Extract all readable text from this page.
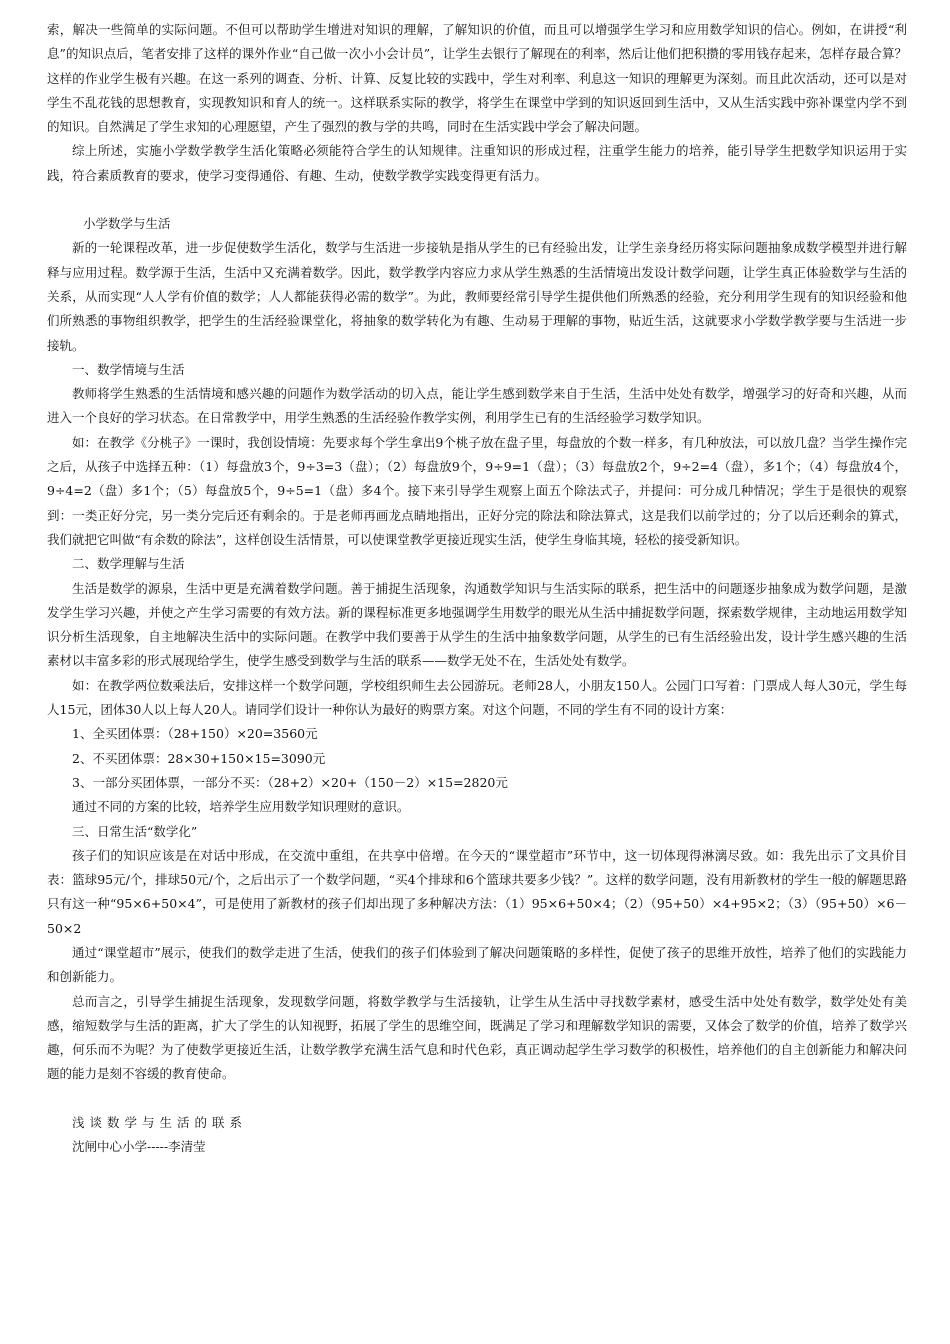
索，解决一些简单的实际问题。不但可以帮助学生增进对知识的理解，了解知识的价值，而且可以增强学生学习和应用数学知识的信心。例如，在讲授“利息”的知识点后，笔者安排了这样的课外作业“自己做一次小小会计员”，让学生去银行了解现在的利率，然后让他们把积攒的零用钱存起来，怎样存最合算？这样的作业学生极有兴趣。在这一系列的调查、分析、计算、反复比较的实践中，学生对利率、利息这一知识的理解更为深刻。而且此次活动，还可以是对学生不乱花钱的思想教育，实现教知识和育人的统一。这样联系实际的教学，将学生在课堂中学到的知识返回到生活中，又从生活实践中弥补课堂内学不到的知识。自然满足了学生求知的心理愿望，产生了强烈的教与学的共鸣，同时在生活实践中学会了解决问题。

综上所述，实施小学数学教学生活化策略必须能符合学生的认知规律。注重知识的形成过程，注重学生能力的培养，能引导学生把数学知识运用于实践，符合素质教育的要求，使学习变得通俗、有趣、生动，使数学教学实践变得更有活力。

小学数学与生活

新的一轮课程改革，进一步促使数学生活化，数学与生活进一步接轨是指从学生的已有经验出发，让学生亲身经历将实际问题抽象成数学模型并进行解释与应用过程。数学源于生活，生活中又充满着数学。因此，数学教学内容应力求从学生熟悉的生活情境出发设计数学问题，让学生真正体验数学与生活的关系，从而实现“人人学有价值的数学；人人都能获得必需的数学”。为此，教师要经常引导学生提供他们所熟悉的经验，充分利用学生现有的知识经验和他们所熟悉的事物组织教学，把学生的生活经验课堂化，将抽象的数学转化为有趣、生动易于理解的事物，贴近生活，这就要求小学数学教学要与生活进一步接轨。

一、数学情境与生活

教师将学生熟悉的生活情境和感兴趣的问题作为数学活动的切入点，能让学生感到数学来自于生活，生活中处处有数学，增强学习的好奇和兴趣，从而进入一个良好的学习状态。在日常教学中，用学生熟悉的生活经验作教学实例，利用学生已有的生活经验学习数学知识。

如：在教学《分桃子》一课时，我创设情境：先要求每个学生拿出9个桃子放在盘子里，每盘放的个数一样多，有几种放法，可以放几盘？当学生操作完之后，从孩子中选择五种：（1）每盘放3个，9÷3=3（盘）；（2）每盘放9个，9÷9=1（盘）；（3）每盘放2个，9÷2=4（盘），多1个；（4）每盘放4个，9÷4=2（盘）多1个；（5）每盘放5个，9÷5=1（盘）多4个。接下来引导学生观察上面五个除法式子，并提问：可分成几种情况；学生于是很快的观察到：一类正好分完，另一类分完后还有剩余的。于是老师再画龙点睛地指出，正好分完的除法和除法算式，这是我们以前学过的；分了以后还剩余的算式，我们就把它叫做“有余数的除法”，这样创设生活情景，可以使课堂教学更接近现实生活，使学生身临其境，轻松的接受新知识。

二、数学理解与生活

生活是数学的源泉，生活中更是充满着数学问题。善于捕捉生活现象，沟通数学知识与生活实际的联系，把生活中的问题逐步抽象成为数学问题，是激发学生学习兴趣，并使之产生学习需要的有效方法。新的课程标准更多地强调学生用数学的眼光从生活中捕捉数学问题，探索数学规律，主动地运用数学知识分析生活现象，自主地解决生活中的实际问题。在教学中我们要善于从学生的生活中抽象数学问题，从学生的已有生活经验出发，设计学生感兴趣的生活素材以丰富多彩的形式展现给学生，使学生感受到数学与生活的联系——数学无处不在，生活处处有数学。

如：在教学两位数乘法后，安排这样一个数学问题，学校组织师生去公园游玩。老师28人，小朋友150人。公园门口写着：门票成人每人30元，学生每人15元，团体30人以上每人20人。请同学们设计一种你认为最好的购票方案。对这个问题，不同的学生有不同的设计方案：

1、全买团体票：（28+150）×20=3560元

2、不买团体票：28×30+150×15=3090元

3、一部分买团体票，一部分不买：（28+2）×20+（150－2）×15=2820元

通过不同的方案的比较，培养学生应用数学知识理财的意识。

三、日常生活“数学化”

孩子们的知识应该是在对话中形成，在交流中重组，在共享中倍增。在今天的“课堂超市”环节中，这一切体现得淋漓尽致。如：我先出示了文具价目表：篮球95元/个，排球50元/个，之后出示了一个数学问题，“买4个排球和6个篮球共要多少钱？”。这样的数学问题，没有用新教材的学生一般的解题思路只有这一种“95×6+50×4”，可是使用了新教材的孩子们却出现了多种解决方法：（1）95×6+50×4；（2）（95+50）×4+95×2；（3）（95+50）×6－50×2

通过“课堂超市”展示，使我们的数学走进了生活，使我们的孩子们体验到了解决问题策略的多样性，促使了孩子的思维开放性，培养了他们的实践能力和创新能力。

总而言之，引导学生捕捉生活现象，发现数学问题，将数学教学与生活接轨，让学生从生活中寻找数学素材，感受生活中处处有数学，数学处处有美感，缩短数学与生活的距离，扩大了学生的认知视野，拓展了学生的思维空间，既满足了学习和理解数学知识的需要，又体会了数学的价值，培养了数学兴趣，何乐而不为呢？为了使数学更接近生活，让数学教学充满生活气息和时代色彩，真正调动起学生学习数学的积极性，培养他们的自主创新能力和解决问题的能力是刻不容缓的教育使命。

浅谈数学与生活的联系

沈闸中心小学-----李清莹
